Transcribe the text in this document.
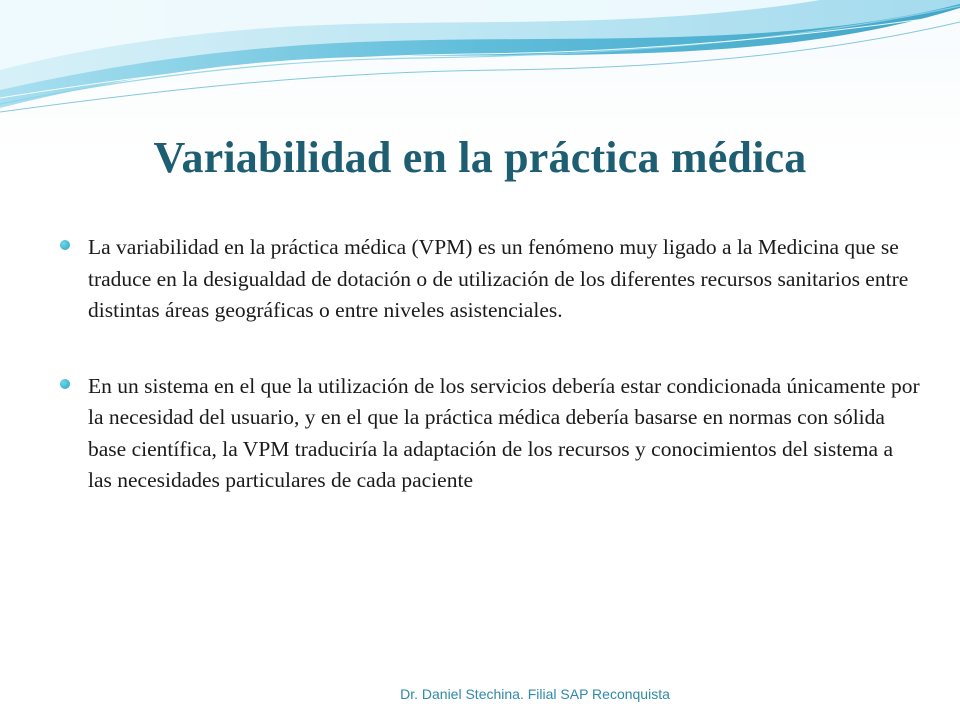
Variabilidad en la práctica médica
La variabilidad en la práctica médica (VPM) es un fenómeno muy ligado a la Medicina que se traduce en la desigualdad de dotación o de utilización de los diferentes recursos sanitarios entre distintas áreas geográficas o entre niveles asistenciales.
En un sistema en el que la utilización de los servicios debería estar condicionada únicamente por la necesidad del usuario, y en el que la práctica médica debería basarse en normas con sólida base científica, la VPM traduciría la adaptación de los recursos y conocimientos del sistema a las necesidades particulares de cada paciente
Dr. Daniel Stechina. Filial SAP Reconquista
